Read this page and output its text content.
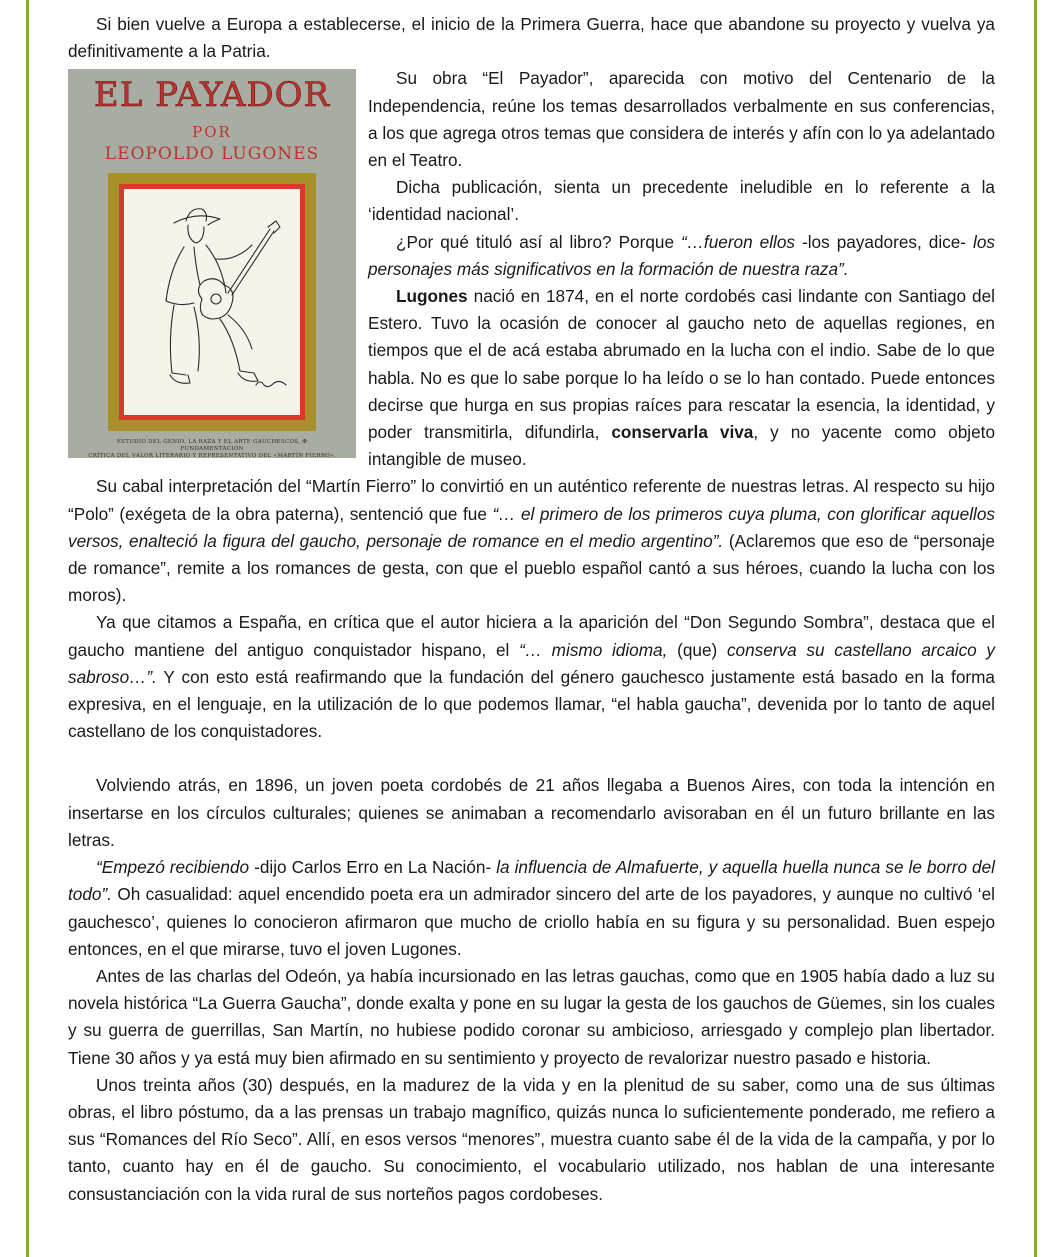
Si bien vuelve a Europa a establecerse, el inicio de la Primera Guerra, hace que abandone su proyecto y vuelva ya definitivamente a la Patria.

EL PAYADOR
POR
LEOPOLDO LUGONES
ESTUDIO DEL GENIO, LA RAZA Y EL ARTE GAUCHESCOS, ✠ FUNDAMENTACIÓN
CRÍTICA DEL VALOR LITERARIO Y REPRESENTATIVO DEL «MARTÍN FIERRO».

Su obra “El Payador”, aparecida con motivo del Centenario de la Independencia, reúne los temas desarrollados verbalmente en sus conferencias, a los que agrega otros temas que considera de interés y afín con lo ya adelantado en el Teatro.

Dicha publicación, sienta un precedente ineludible en lo referente a la ‘identidad nacional’.

¿Por qué tituló así al libro? Porque “…fueron ellos -los payadores, dice- los personajes más significativos en la formación de nuestra raza”.

Lugones nació en 1874, en el norte cordobés casi lindante con Santiago del Estero. Tuvo la ocasión de conocer al gaucho neto de aquellas regiones, en tiempos que el de acá estaba abrumado en la lucha con el indio. Sabe de lo que habla. No es que lo sabe porque lo ha leído o se lo han contado. Puede entonces decirse que hurga en sus propias raíces para rescatar la esencia, la identidad, y poder transmitirla, difundirla, conservarla viva, y no yacente como objeto intangible de museo.

Su cabal interpretación del “Martín Fierro” lo convirtió en un auténtico referente de nuestras letras. Al respecto su hijo “Polo” (exégeta de la obra paterna), sentenció que fue “… el primero de los primeros cuya pluma, con glorificar aquellos versos, enalteció la figura del gaucho, personaje de romance en el medio argentino”. (Aclaremos que eso de “personaje de romance”, remite a los romances de gesta, con que el pueblo español cantó a sus héroes, cuando la lucha con los moros).

Ya que citamos a España, en crítica que el autor hiciera a la aparición del “Don Segundo Sombra”, destaca que el gaucho mantiene del antiguo conquistador hispano, el “… mismo idioma, (que) conserva su castellano arcaico y sabroso…”. Y con esto está reafirmando que la fundación del género gauchesco justamente está basado en la forma expresiva, en el lenguaje, en la utilización de lo que podemos llamar, “el habla gaucha”, devenida por lo tanto de aquel castellano de los conquistadores.

Volviendo atrás, en 1896, un joven poeta cordobés de 21 años llegaba a Buenos Aires, con toda la intención en insertarse en los círculos culturales; quienes se animaban a recomendarlo avisoraban en él un futuro brillante en las letras.

“Empezó recibiendo -dijo Carlos Erro en La Nación- la influencia de Almafuerte, y aquella huella nunca se le borro del todo”. Oh casualidad: aquel encendido poeta era un admirador sincero del arte de los payadores, y aunque no cultivó ‘el gauchesco’, quienes lo conocieron afirmaron que mucho de criollo había en su figura y su personalidad. Buen espejo entonces, en el que mirarse, tuvo el joven Lugones.

Antes de las charlas del Odeón, ya había incursionado en las letras gauchas, como que en 1905 había dado a luz su novela histórica “La Guerra Gaucha”, donde exalta y pone en su lugar la gesta de los gauchos de Güemes, sin los cuales y su guerra de guerrillas, San Martín, no hubiese podido coronar su ambicioso, arriesgado y complejo plan libertador. Tiene 30 años y ya está muy bien afirmado en su sentimiento y proyecto de revalorizar nuestro pasado e historia.

Unos treinta años (30) después, en la madurez de la vida y en la plenitud de su saber, como una de sus últimas obras, el libro póstumo, da a las prensas un trabajo magnífico, quizás nunca lo suficientemente ponderado, me refiero a sus “Romances del Río Seco”. Allí, en esos versos “menores”, muestra cuanto sabe él de la vida de la campaña, y por lo tanto, cuanto hay en él de gaucho. Su conocimiento, el vocabulario utilizado, nos hablan de una interesante consustanciación con la vida rural de sus norteños pagos cordobeses.
